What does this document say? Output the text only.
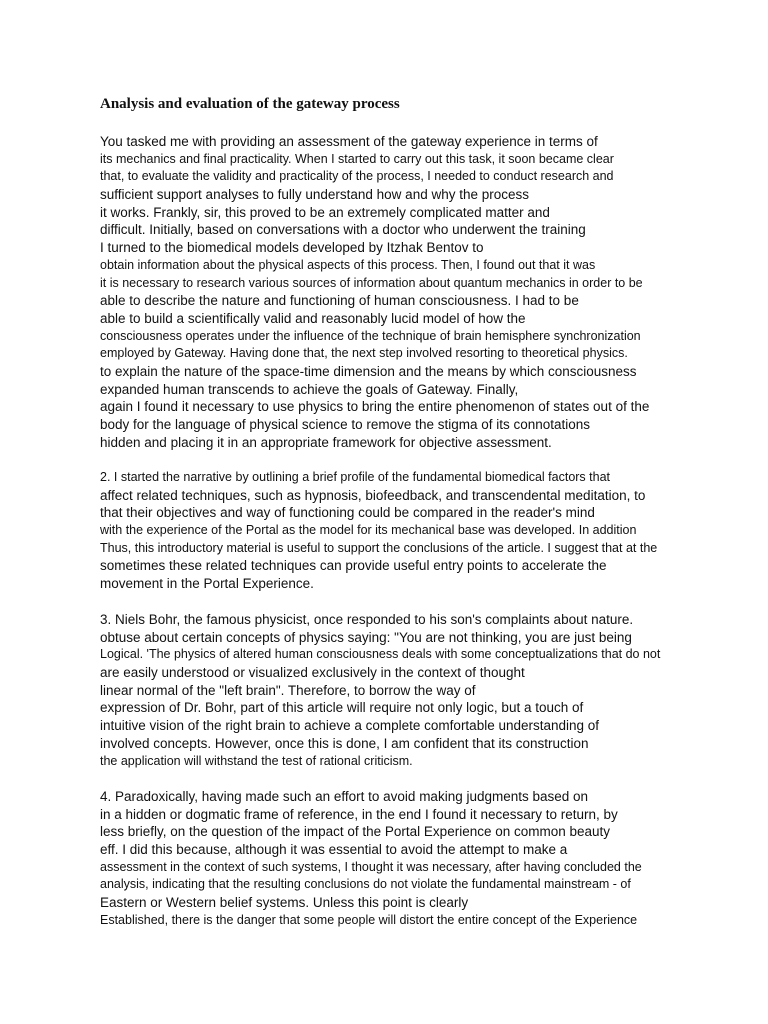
Analysis and evaluation of the gateway process
You tasked me with providing an assessment of the gateway experience in terms of
its mechanics and final practicality. When I started to carry out this task, it soon became clear
that, to evaluate the validity and practicality of the process, I needed to conduct research and
sufficient support analyses to fully understand how and why the process
it works. Frankly, sir, this proved to be an extremely complicated matter and
difficult. Initially, based on conversations with a doctor who underwent the training
I turned to the biomedical models developed by Itzhak Bentov to
obtain information about the physical aspects of this process. Then, I found out that it was
it is necessary to research various sources of information about quantum mechanics in order to be
able to describe the nature and functioning of human consciousness. I had to be
able to build a scientifically valid and reasonably lucid model of how the
consciousness operates under the influence of the technique of brain hemisphere synchronization
employed by Gateway. Having done that, the next step involved resorting to theoretical physics.
to explain the nature of the space-time dimension and the means by which consciousness
expanded human transcends to achieve the goals of Gateway. Finally,
again I found it necessary to use physics to bring the entire phenomenon of states out of the
body for the language of physical science to remove the stigma of its connotations
hidden and placing it in an appropriate framework for objective assessment.
2. I started the narrative by outlining a brief profile of the fundamental biomedical factors that
affect related techniques, such as hypnosis, biofeedback, and transcendental meditation, to
that their objectives and way of functioning could be compared in the reader's mind
with the experience of the Portal as the model for its mechanical base was developed. In addition
Thus, this introductory material is useful to support the conclusions of the article. I suggest that at the
sometimes these related techniques can provide useful entry points to accelerate the
movement in the Portal Experience.
3. Niels Bohr, the famous physicist, once responded to his son's complaints about nature.
obtuse about certain concepts of physics saying: "You are not thinking, you are just being
Logical. 'The physics of altered human consciousness deals with some conceptualizations that do not
are easily understood or visualized exclusively in the context of thought
linear normal of the "left brain". Therefore, to borrow the way of
expression of Dr. Bohr, part of this article will require not only logic, but a touch of
intuitive vision of the right brain to achieve a complete comfortable understanding of
involved concepts. However, once this is done, I am confident that its construction
the application will withstand the test of rational criticism.
4. Paradoxically, having made such an effort to avoid making judgments based on
in a hidden or dogmatic frame of reference, in the end I found it necessary to return, by
less briefly, on the question of the impact of the Portal Experience on common beauty
eff. I did this because, although it was essential to avoid the attempt to make a
assessment in the context of such systems, I thought it was necessary, after having concluded the
analysis, indicating that the resulting conclusions do not violate the fundamental mainstream - of
Eastern or Western belief systems. Unless this point is clearly
Established, there is the danger that some people will distort the entire concept of the Experience
